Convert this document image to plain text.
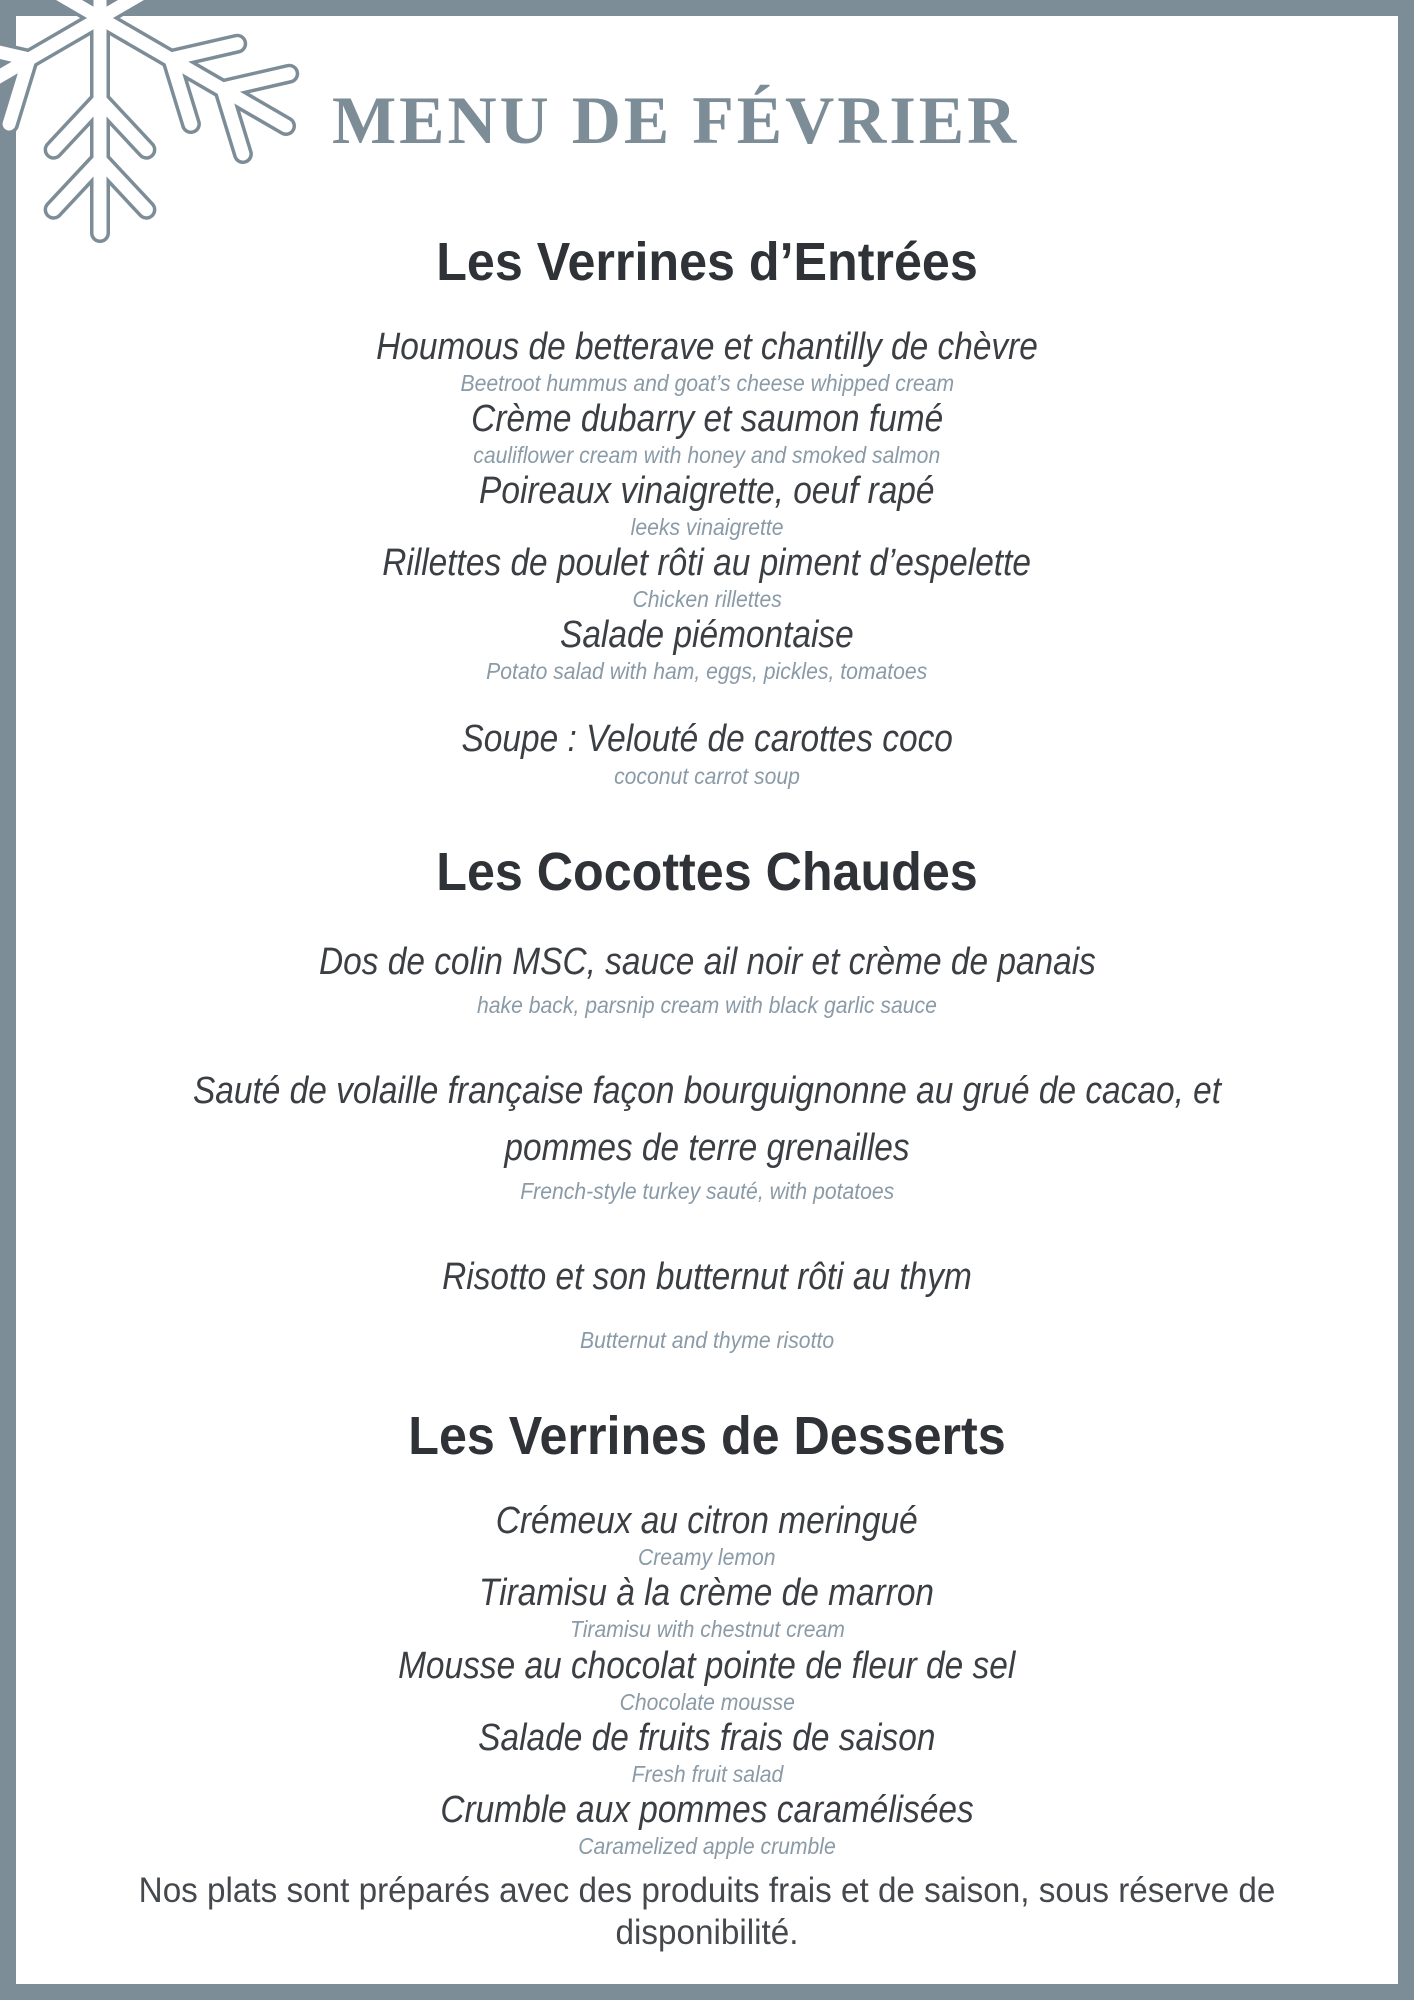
MENU DE FÉVRIER
Les Verrines d’Entrées
Houmous de betterave et chantilly de chèvre
Beetroot hummus and goat’s cheese whipped cream
Crème dubarry et saumon fumé
cauliflower cream with honey and smoked salmon
Poireaux vinaigrette, oeuf rapé
leeks vinaigrette
Rillettes de poulet rôti au piment d’espelette
Chicken rillettes
Salade piémontaise
Potato salad with ham, eggs, pickles, tomatoes
Soupe : Velouté de carottes coco
coconut carrot soup
Les Cocottes Chaudes
Dos de colin MSC, sauce ail noir et crème de panais
hake back, parsnip cream with black garlic sauce
Sauté de volaille française façon bourguignonne au grué de cacao, et pommes de terre grenailles
French-style turkey sauté, with potatoes
Risotto et son butternut rôti au thym
Butternut and thyme risotto
Les Verrines de Desserts
Crémeux au citron meringué
Creamy lemon
Tiramisu à la crème de marron
Tiramisu with chestnut cream
Mousse au chocolat pointe de fleur de sel
Chocolate mousse
Salade de fruits frais de saison
Fresh fruit salad
Crumble aux pommes caramélisées
Caramelized apple crumble
Nos plats sont préparés avec des produits frais et de saison, sous réserve de disponibilité.
